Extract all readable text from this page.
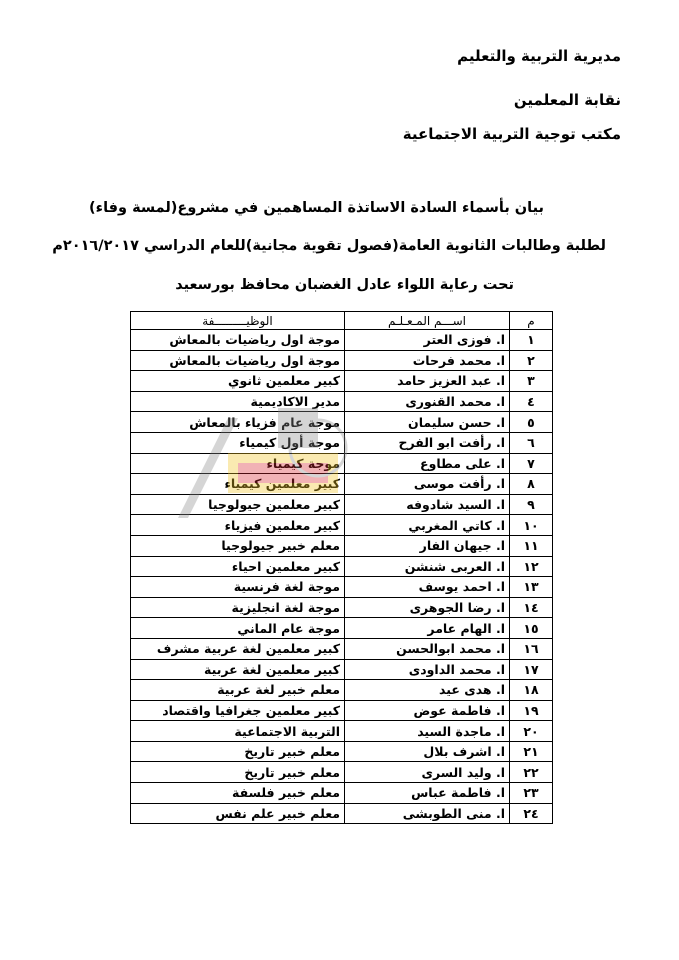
مديرية التربية والتعليم
نقابة المعلمين
مكتب توجية التربية الاجتماعية
بيان بأسماء السادة الاساتذة المساهمين في مشروع(لمسة وفاء)
لطلبة وطالبات الثانوية العامة(فصول تقوية مجانية)للعام الدراسي ٢٠١٦/٢٠١٧م
تحت رعاية اللواء عادل الغضبان محافظ بورسعيد
م	اســـم المـعـلـم	الوظيـــــــــفة
١	ا. فوزى العتر	موجة اول رياضيات بالمعاش
٢	ا. محمد فرحات	موجة اول رياضيات بالمعاش
٣	ا. عبد العزيز حامد	كبير معلمين ثانوي
٤	ا. محمد القنورى	مدير الاكاديمية
٥	ا. حسن سليمان	موجة عام فزياء بالمعاش
٦	ا. رأفت ابو الفرح	موجة أول كيمياء
٧	ا. على مطاوع	موجة كيمياء
٨	ا. رأفت موسى	كبير معلمين كيمياء
٩	ا. السيد شادوفه	كبير معلمين جيولوجيا
١٠	ا. كاتي المغربي	كبير معلمين فيزياء
١١	ا. جيهان الفار	معلم خبير جيولوجيا
١٢	ا. العربى شنشن	كبير معلمين احياء
١٣	ا. احمد يوسف	موجة لغة فرنسية
١٤	ا. رضا الجوهرى	موجة لغة انجليزية
١٥	ا. الهام عامر	موجة عام الماني
١٦	ا. محمد ابوالحسن	كبير معلمين لغة عربية مشرف
١٧	ا. محمد الداودى	كبير معلمين لغة عربية
١٨	ا. هدى عيد	معلم خبير لغة عربية
١٩	ا. فاطمة عوض	كبير معلمين جغرافيا واقتصاد
٢٠	ا. ماجدة السيد	التربية الاجتماعية
٢١	ا. اشرف بلال	معلم خبير تاريخ
٢٢	ا. وليد السرى	معلم خبير تاريخ
٢٣	ا. فاطمة عباس	معلم خبير فلسفة
٢٤	ا. منى الطوبشى	معلم خبير علم نفس
